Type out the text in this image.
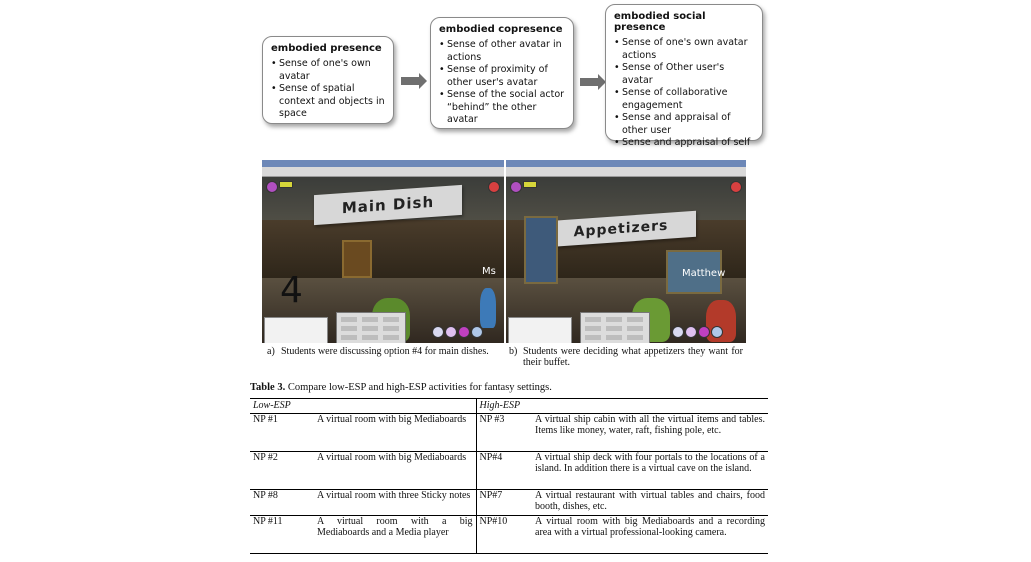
embodied presence
• Sense of one's own avatar
• Sense of spatial context and objects in space
embodied copresence
• Sense of other avatar in actions
• Sense of proximity of other user's avatar
• Sense of the social actor “behind” the other avatar
embodied social presence
• Sense of one's own avatar actions
• Sense of Other user's avatar
• Sense of collaborative engagement
• Sense and appraisal of other user
• Sense and appraisal of self
Main Dish
4	Ms
Appetizers
Matthew
a) Students were discussing option #4 for main dishes.	b) Students were deciding what appetizers they want for their buffet.
Table 3. Compare low-ESP and high-ESP activities for fantasy settings.
Low-ESP		High-ESP	
NP #1	A virtual room with big Mediaboards	NP #3	A virtual ship cabin with all the virtual items and tables. Items like money, water, raft, fishing pole, etc.
NP #2	A virtual room with big Mediaboards	NP#4	A virtual ship deck with four portals to the locations of a island. In addition there is a virtual cave on the island.
NP #8	A virtual room with three Sticky notes	NP#7	A virtual restaurant with virtual tables and chairs, food booth, dishes, etc.
NP #11	A virtual room with a big Mediaboards and a Media player	NP#10	A virtual room with big Mediaboards and a recording area with a virtual professional-looking camera.
